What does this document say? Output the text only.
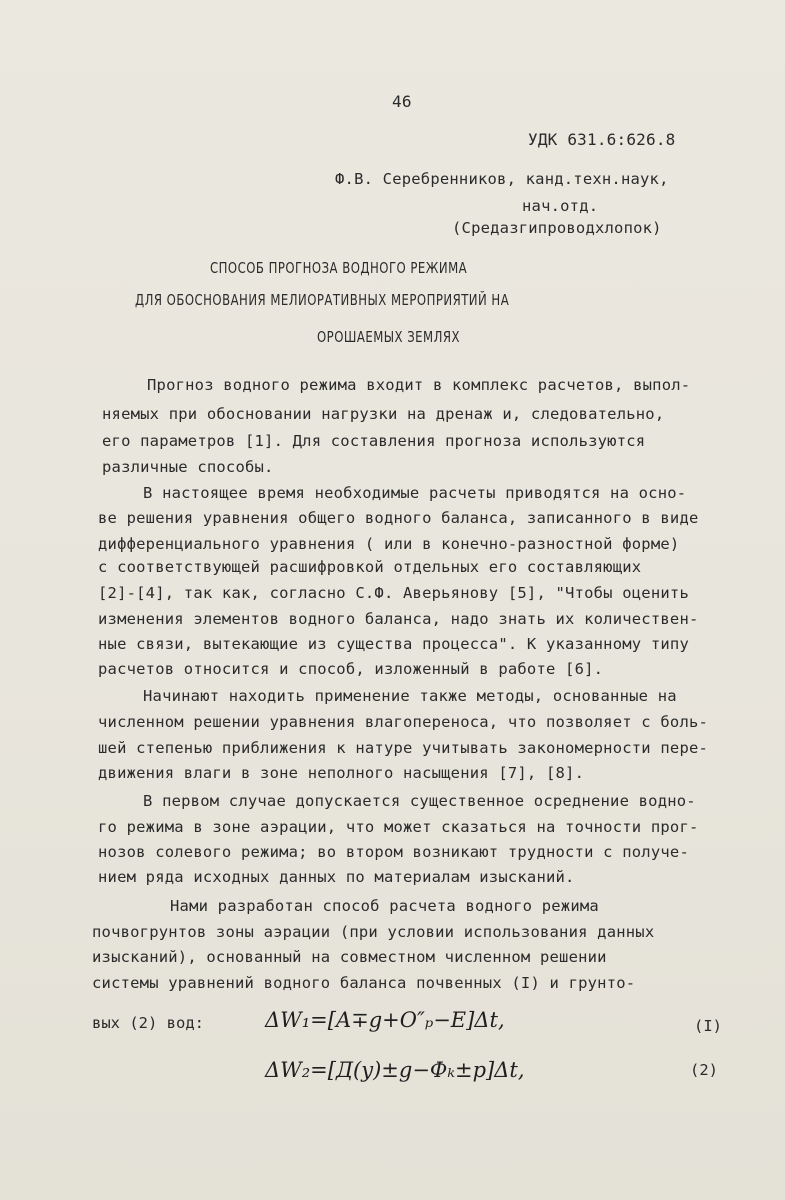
46
УДК 631.6:626.8
Ф.В. Серебренников, канд.техн.наук,
нач.отд.
(Средазгипроводхлопок)
СПОСОБ ПРОГНОЗА ВОДНОГО РЕЖИМА
ДЛЯ ОБОСНОВАНИЯ МЕЛИОРАТИВНЫХ МЕРОПРИЯТИЙ НА
ОРОШАЕМЫХ ЗЕМЛЯХ
Прогноз водного режима входит в комплекс расчетов, выпол-
няемых при обосновании нагрузки на дренаж и, следовательно,
его параметров [1]. Для составления прогноза используются
различные способы.
В настоящее время необходимые расчеты приводятся на осно-
ве решения уравнения общего водного баланса, записанного в виде
дифференциального уравнения ( или в конечно-разностной форме)
с соответствующей расшифровкой отдельных его составляющих
[2]-[4], так как, согласно С.Ф. Аверьянову [5], "Чтобы оценить
изменения элементов водного баланса, надо знать их количествен-
ные связи, вытекающие из существа процесса". К указанному типу
расчетов относится и способ, изложенный в работе [6].
Начинают находить применение также методы, основанные на
численном решении уравнения влагопереноса, что позволяет с боль-
шей степенью приближения к натуре учитывать закономерности пере-
движения влаги в зоне неполного насыщения [7], [8].
В первом случае допускается существенное осреднение водно-
го режима в зоне аэрации, что может сказаться на точности прог-
нозов солевого режима; во втором возникают трудности с получе-
нием ряда исходных данных по материалам изысканий.
Нами разработан способ расчета водного режима
почвогрунтов зоны аэрации (при условии использования данных
изысканий), основанный на совместном численном решении
системы уравнений водного баланса почвенных (I) и грунто-
вых (2) вод:	ΔW₁=[A∓g+O″ₚ−E]Δt,	(I)
ΔW₂=[Д(y)±g−Фₖ±p]Δt,	(2)
